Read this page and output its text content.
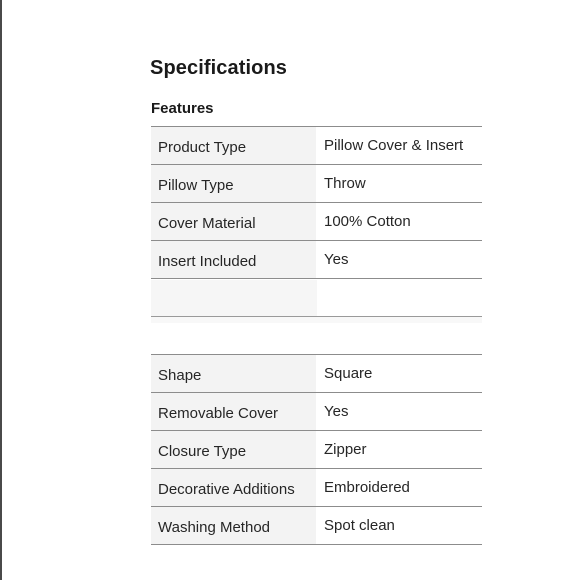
Specifications
Features
Product Type	Pillow Cover & Insert
Pillow Type	Throw
Cover Material	100% Cotton
Insert Included	Yes
Shape	Square
Removable Cover	Yes
Closure Type	Zipper
Decorative Additions	Embroidered
Washing Method	Spot clean
